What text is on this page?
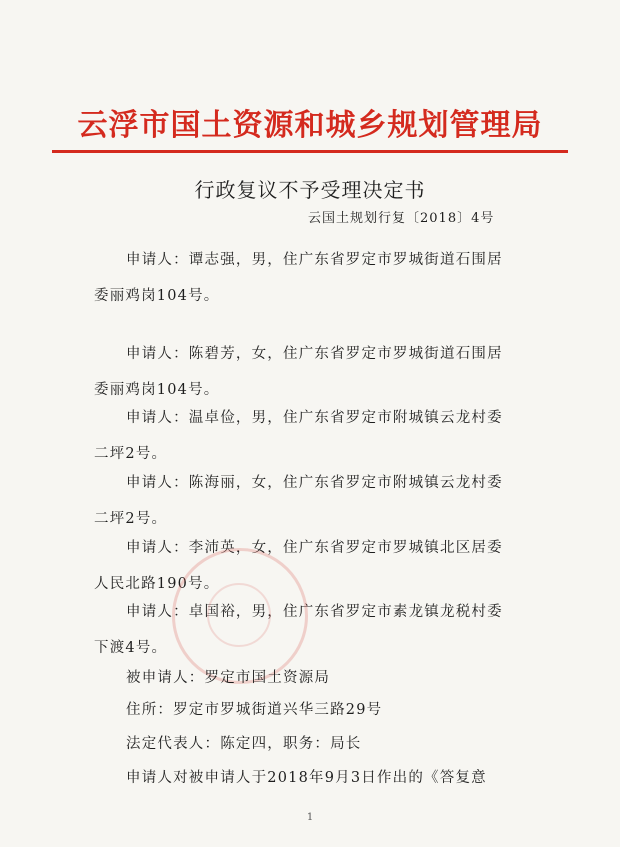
云浮市国土资源和城乡规划管理局
行政复议不予受理决定书
云国土规划行复〔2018〕4号
申请人：谭志强，男，住广东省罗定市罗城街道石围居
委丽鸡岗104号。
申请人：陈碧芳，女，住广东省罗定市罗城街道石围居
委丽鸡岗104号。
申请人：温卓俭，男，住广东省罗定市附城镇云龙村委
二坪2号。
申请人：陈海丽，女，住广东省罗定市附城镇云龙村委
二坪2号。
申请人：李沛英，女，住广东省罗定市罗城镇北区居委
人民北路190号。
申请人：卓国裕，男，住广东省罗定市素龙镇龙税村委
下渡4号。
被申请人：罗定市国土资源局
住所：罗定市罗城街道兴华三路29号
法定代表人：陈定四，职务：局长
申请人对被申请人于2018年9月3日作出的《答复意
1
